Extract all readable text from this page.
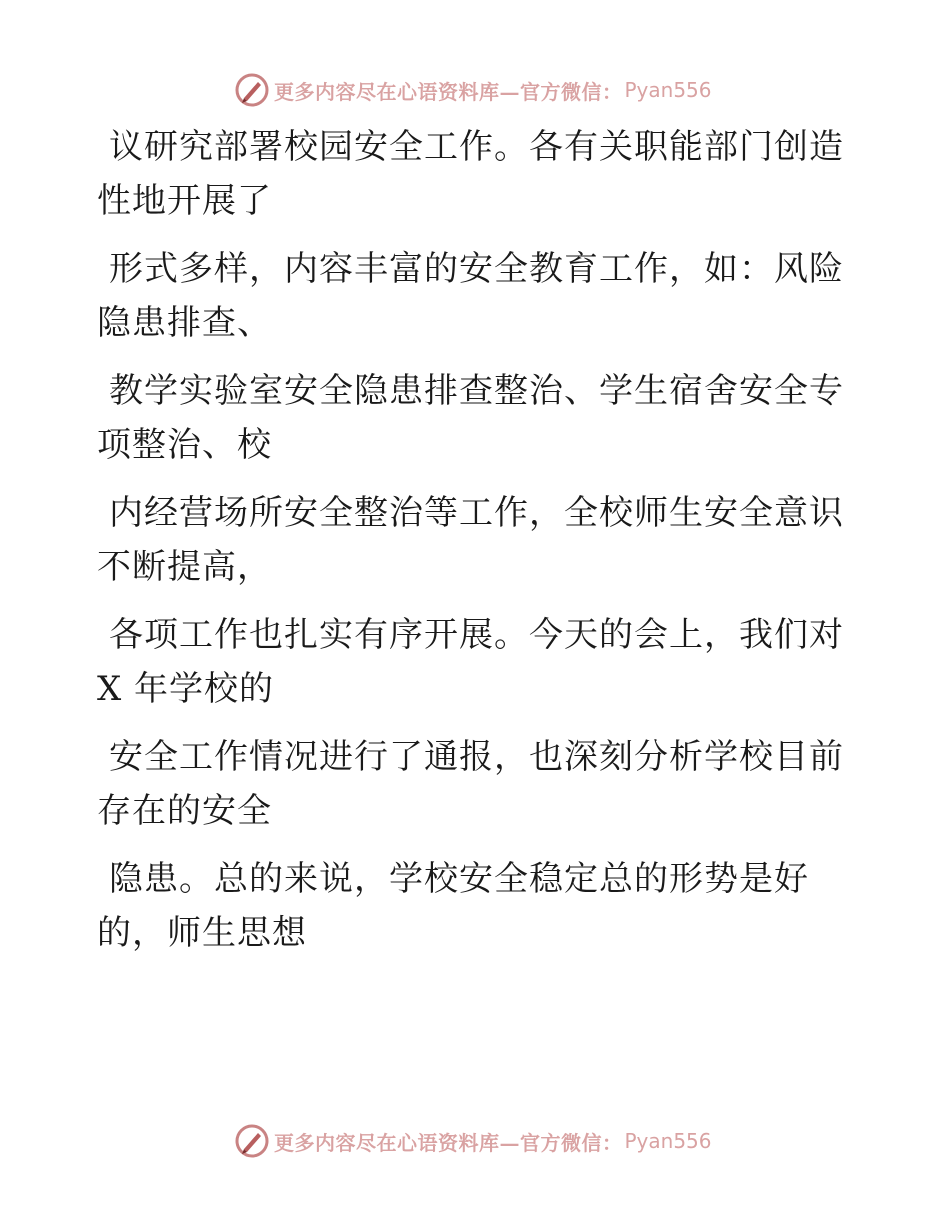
更多内容尽在心语资料库—官方微信： Pyan556
议研究部署校园安全工作。各有关职能部门创造
性地开展了
形式多样，内容丰富的安全教育工作，如：风险
隐患排查、
教学实验室安全隐患排查整治、学生宿舍安全专
项整治、校
内经营场所安全整治等工作，全校师生安全意识
不断提高，
各项工作也扎实有序开展。今天的会上，我们对
X 年学校的
安全工作情况进行了通报，也深刻分析学校目前
存在的安全
隐患。总的来说，学校安全稳定总的形势是好
的，师生思想
更多内容尽在心语资料库—官方微信： Pyan556
